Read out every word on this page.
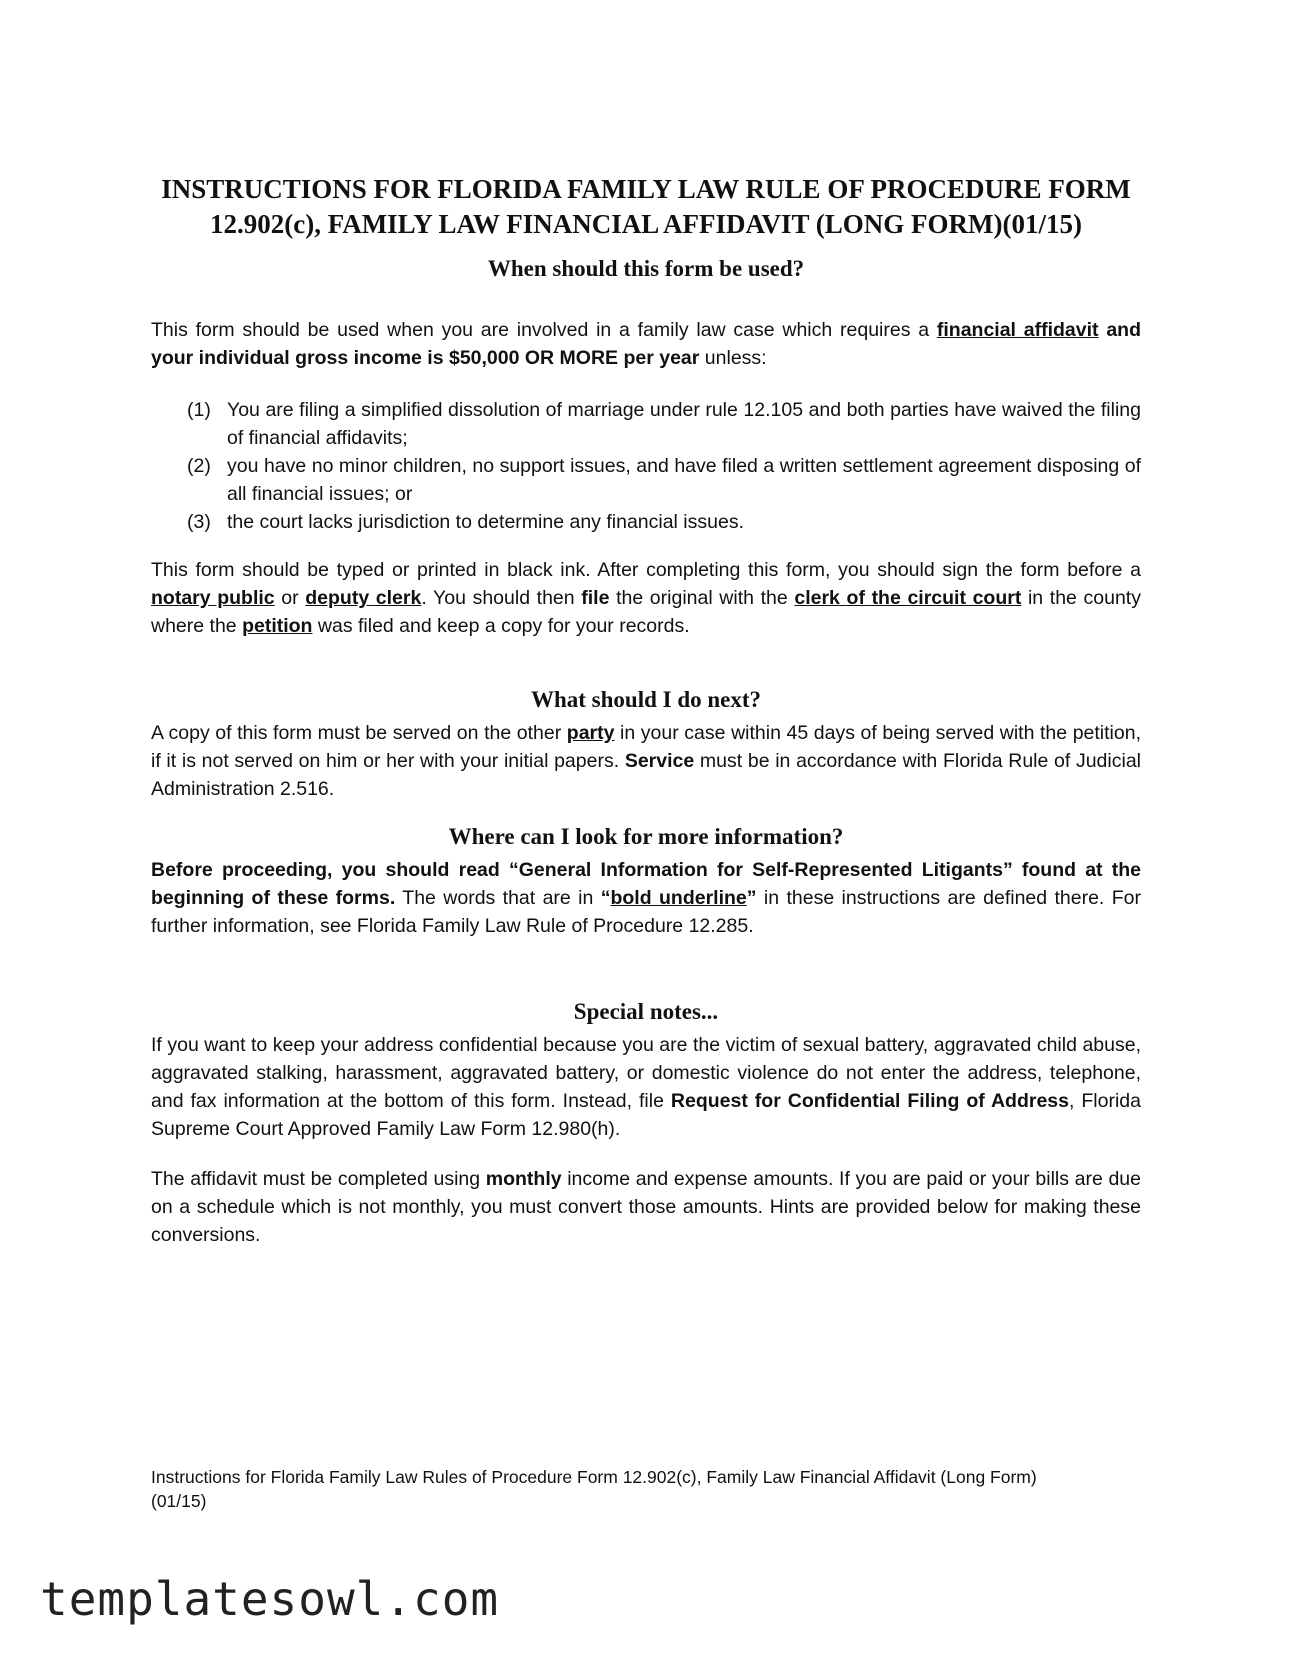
INSTRUCTIONS FOR FLORIDA FAMILY LAW RULE OF PROCEDURE FORM
12.902(c), FAMILY LAW FINANCIAL AFFIDAVIT (LONG FORM)(01/15)
When should this form be used?

This form should be used when you are involved in a family law case which requires a financial affidavit and your individual gross income is $50,000 OR MORE per year unless:

(1) You are filing a simplified dissolution of marriage under rule 12.105 and both parties have waived the filing of financial affidavits;
(2) you have no minor children, no support issues, and have filed a written settlement agreement disposing of all financial issues; or
(3) the court lacks jurisdiction to determine any financial issues.

This form should be typed or printed in black ink. After completing this form, you should sign the form before a notary public or deputy clerk. You should then file the original with the clerk of the circuit court in the county where the petition was filed and keep a copy for your records.

What should I do next?

A copy of this form must be served on the other party in your case within 45 days of being served with the petition, if it is not served on him or her with your initial papers. Service must be in accordance with Florida Rule of Judicial Administration 2.516.

Where can I look for more information?

Before proceeding, you should read “General Information for Self-Represented Litigants” found at the beginning of these forms. The words that are in “bold underline” in these instructions are defined there. For further information, see Florida Family Law Rule of Procedure 12.285.

Special notes...

If you want to keep your address confidential because you are the victim of sexual battery, aggravated child abuse, aggravated stalking, harassment, aggravated battery, or domestic violence do not enter the address, telephone, and fax information at the bottom of this form. Instead, file Request for Confidential Filing of Address, Florida Supreme Court Approved Family Law Form 12.980(h).

The affidavit must be completed using monthly income and expense amounts. If you are paid or your bills are due on a schedule which is not monthly, you must convert those amounts. Hints are provided below for making these conversions.

Instructions for Florida Family Law Rules of Procedure Form 12.902(c), Family Law Financial Affidavit (Long Form)
(01/15)
templatesowl.com
